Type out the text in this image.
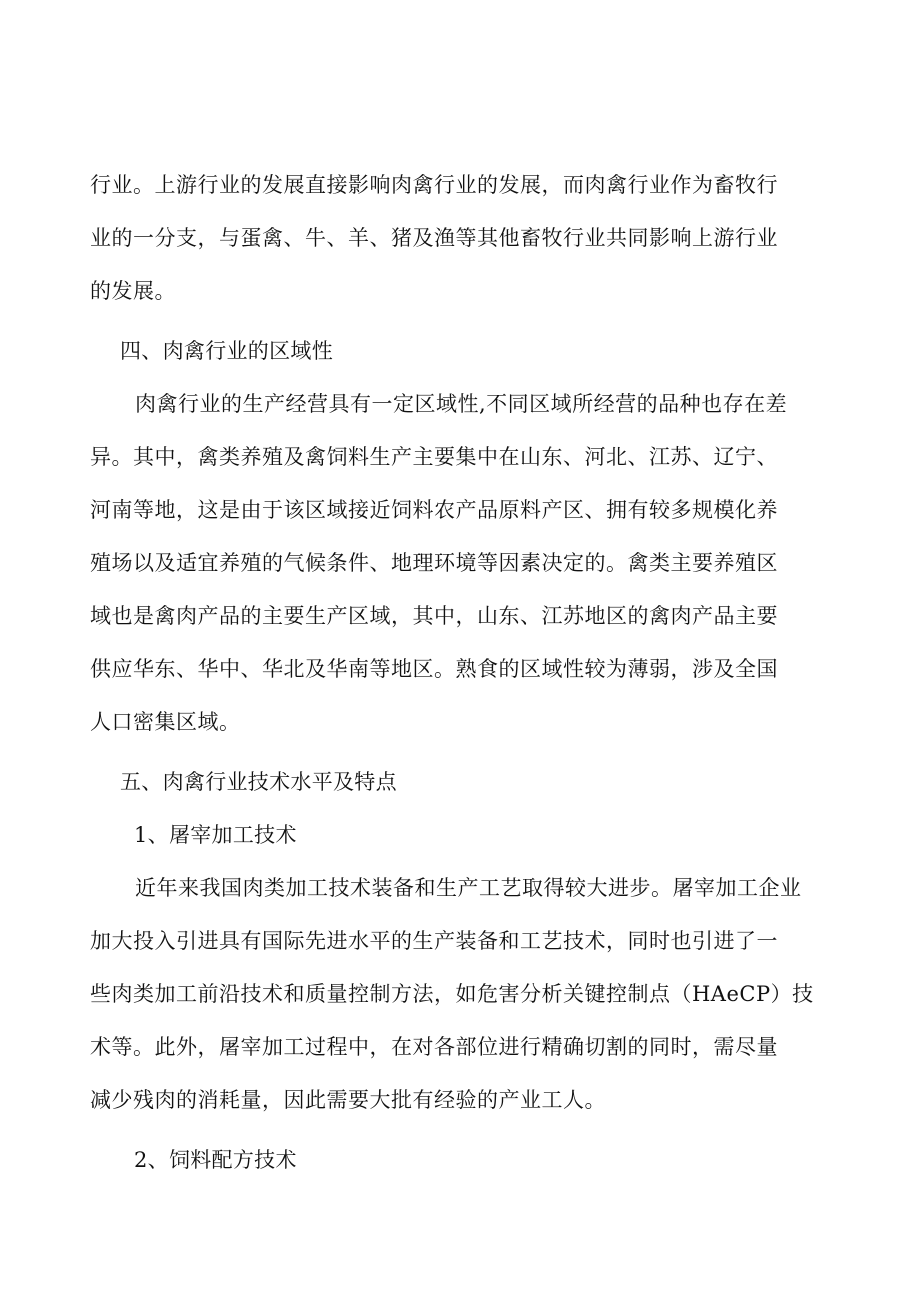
行业。上游行业的发展直接影响肉禽行业的发展，而肉禽行业作为畜牧行
业的一分支，与蛋禽、牛、羊、猪及渔等其他畜牧行业共同影响上游行业
的发展。
四、肉禽行业的区域性
肉禽行业的生产经营具有一定区域性,不同区域所经营的品种也存在差
异。其中，禽类养殖及禽饲料生产主要集中在山东、河北、江苏、辽宁、
河南等地，这是由于该区域接近饲料农产品原料产区、拥有较多规模化养
殖场以及适宜养殖的气候条件、地理环境等因素决定的。禽类主要养殖区
域也是禽肉产品的主要生产区域，其中，山东、江苏地区的禽肉产品主要
供应华东、华中、华北及华南等地区。熟食的区域性较为薄弱，涉及全国
人口密集区域。
五、肉禽行业技术水平及特点
1、屠宰加工技术
近年来我国肉类加工技术装备和生产工艺取得较大进步。屠宰加工企业
加大投入引进具有国际先进水平的生产装备和工艺技术，同时也引进了一
些肉类加工前沿技术和质量控制方法，如危害分析关键控制点（HAeCP）技
术等。此外，屠宰加工过程中，在对各部位进行精确切割的同时，需尽量
减少残肉的消耗量，因此需要大批有经验的产业工人。
2、饲料配方技术
